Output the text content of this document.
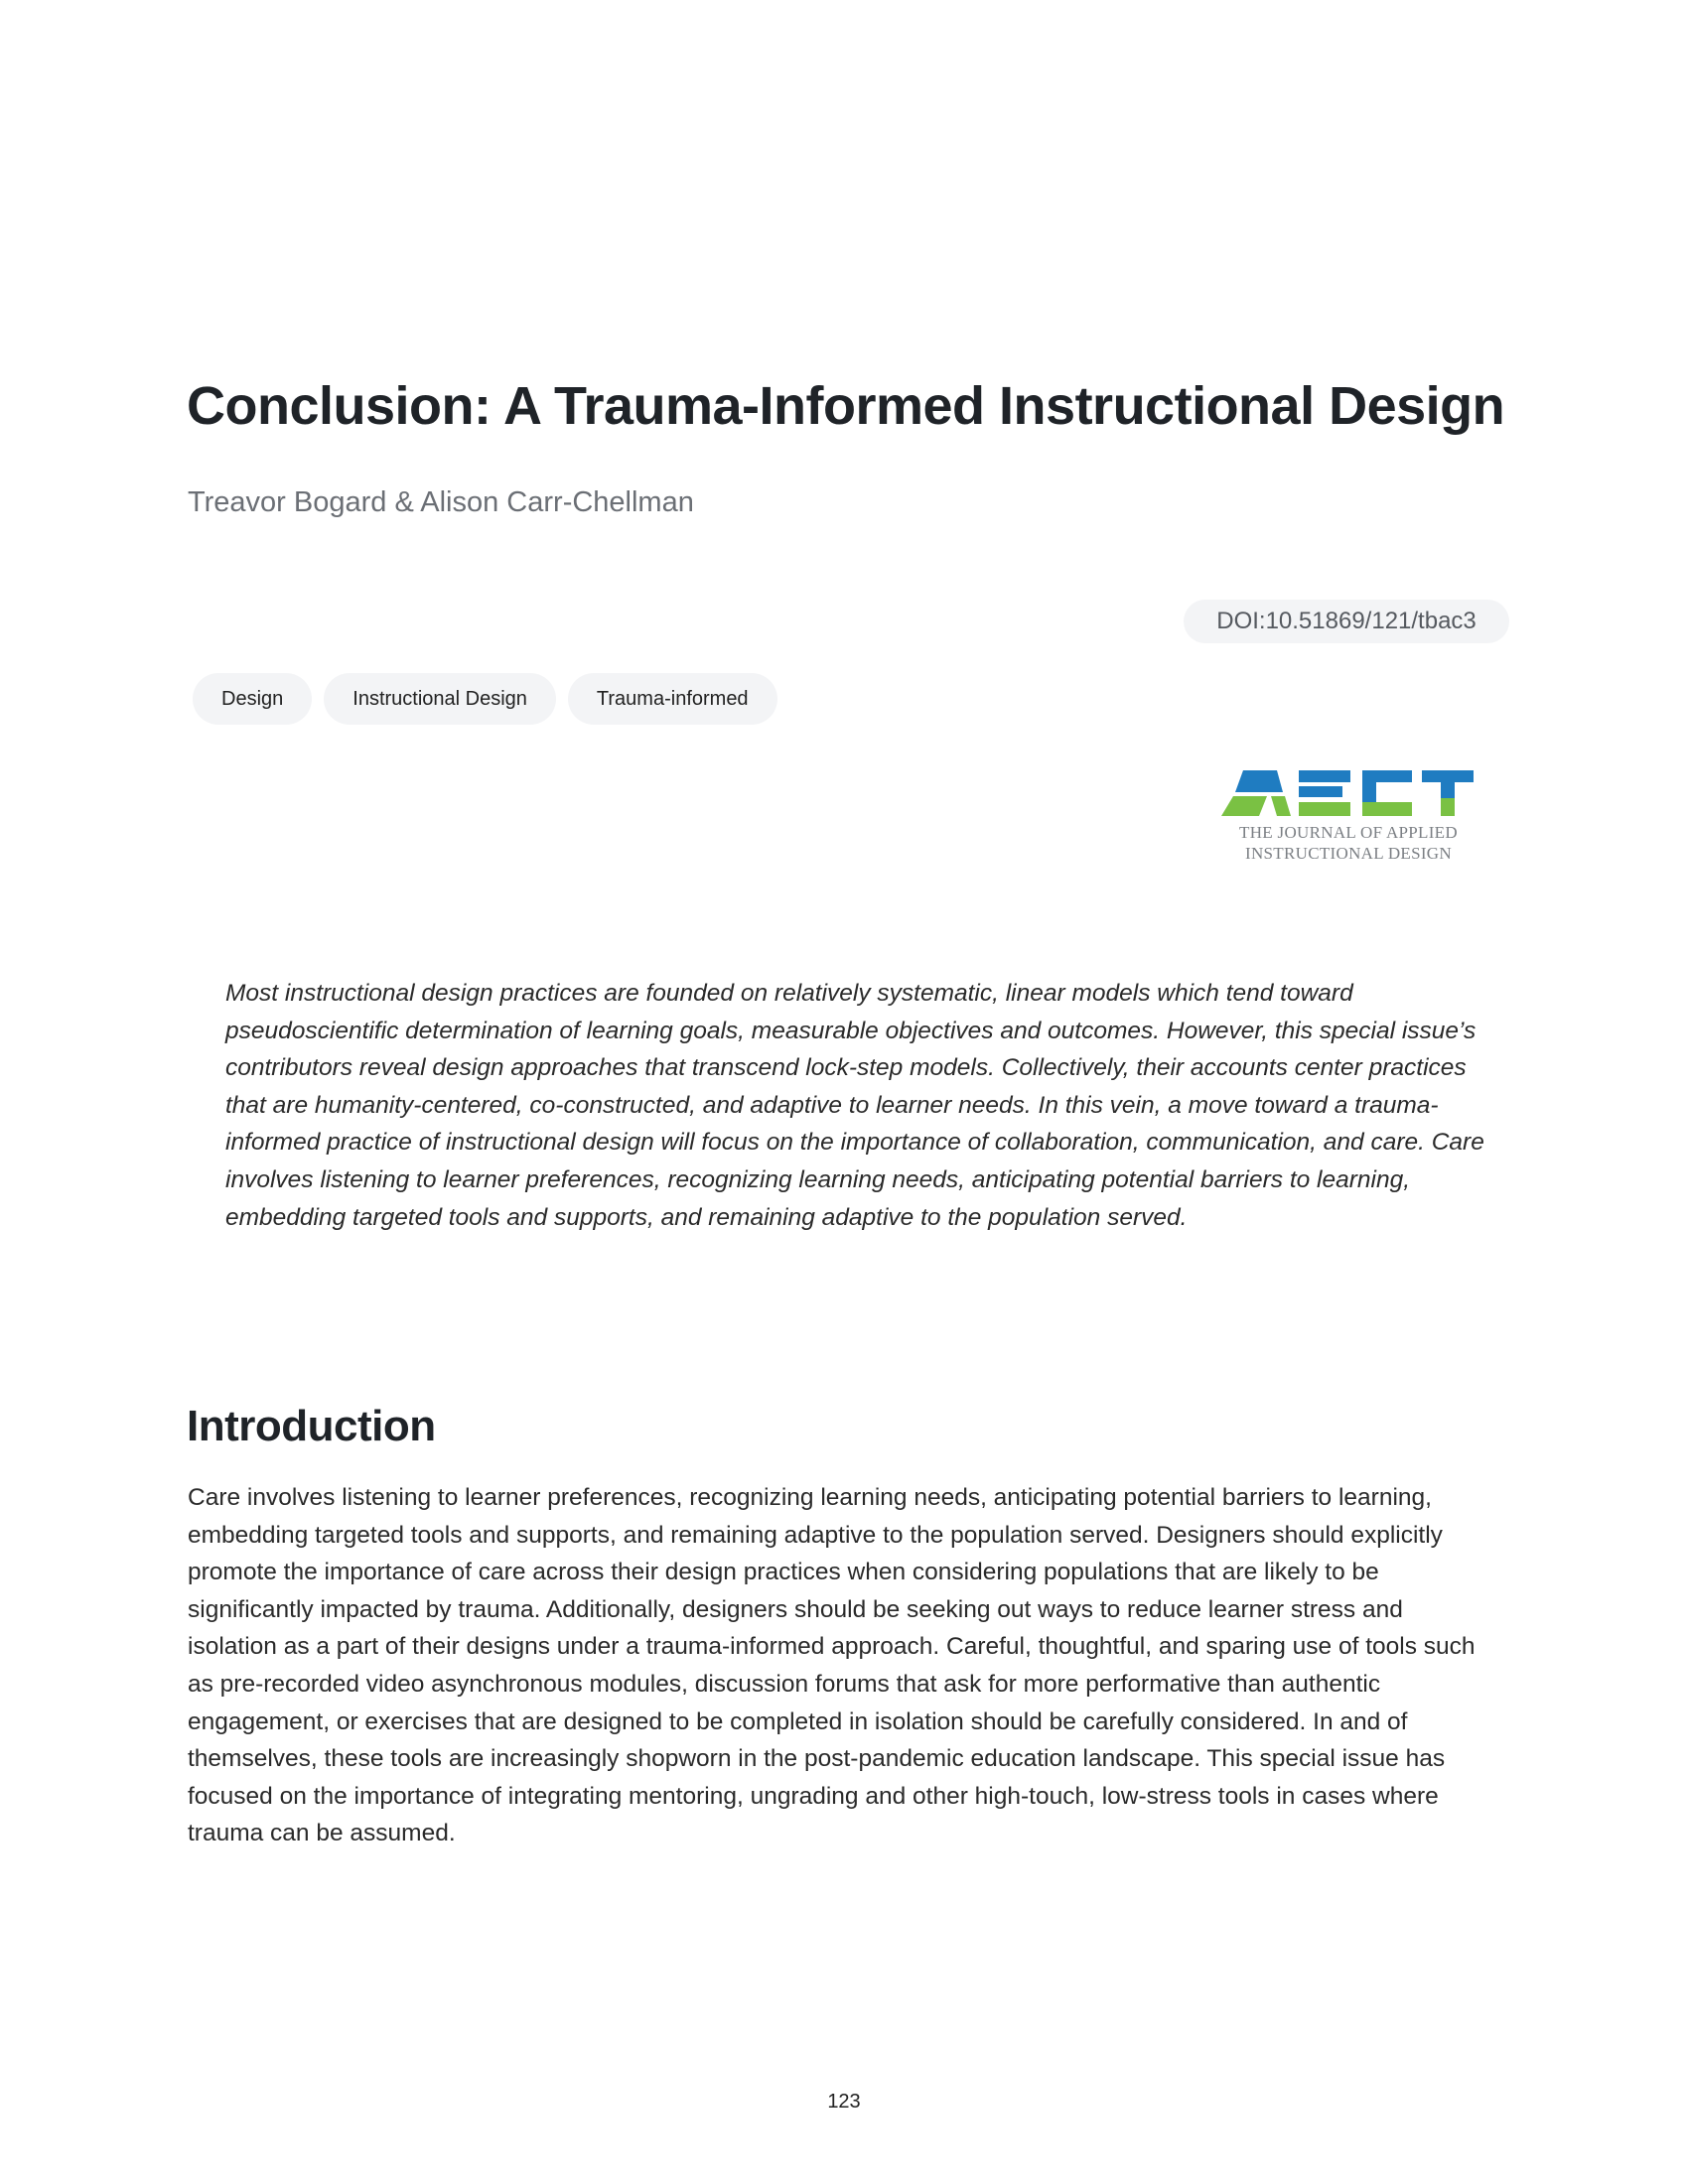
Conclusion: A Trauma-Informed Instructional Design

Treavor Bogard & Alison Carr-Chellman

DOI:10.51869/121/tbac3
Design	Instructional Design	Trauma-informed
THE JOURNAL OF APPLIED
INSTRUCTIONAL DESIGN

Most instructional design practices are founded on relatively systematic, linear models which tend toward pseudoscientific determination of learning goals, measurable objectives and outcomes. However, this special issue’s contributors reveal design approaches that transcend lock-step models. Collectively, their accounts center practices that are humanity-centered, co-constructed, and adaptive to learner needs. In this vein, a move toward a trauma-informed practice of instructional design will focus on the importance of collaboration, communication, and care. Care involves listening to learner preferences, recognizing learning needs, anticipating potential barriers to learning, embedding targeted tools and supports, and remaining adaptive to the population served.

Introduction

Care involves listening to learner preferences, recognizing learning needs, anticipating potential barriers to learning, embedding targeted tools and supports, and remaining adaptive to the population served. Designers should explicitly promote the importance of care across their design practices when considering populations that are likely to be significantly impacted by trauma. Additionally, designers should be seeking out ways to reduce learner stress and isolation as a part of their designs under a trauma-informed approach. Careful, thoughtful, and sparing use of tools such as pre-recorded video asynchronous modules, discussion forums that ask for more performative than authentic engagement, or exercises that are designed to be completed in isolation should be carefully considered. In and of themselves, these tools are increasingly shopworn in the post-pandemic education landscape. This special issue has focused on the importance of integrating mentoring, ungrading and other high-touch, low-stress tools in cases where trauma can be assumed.

123
